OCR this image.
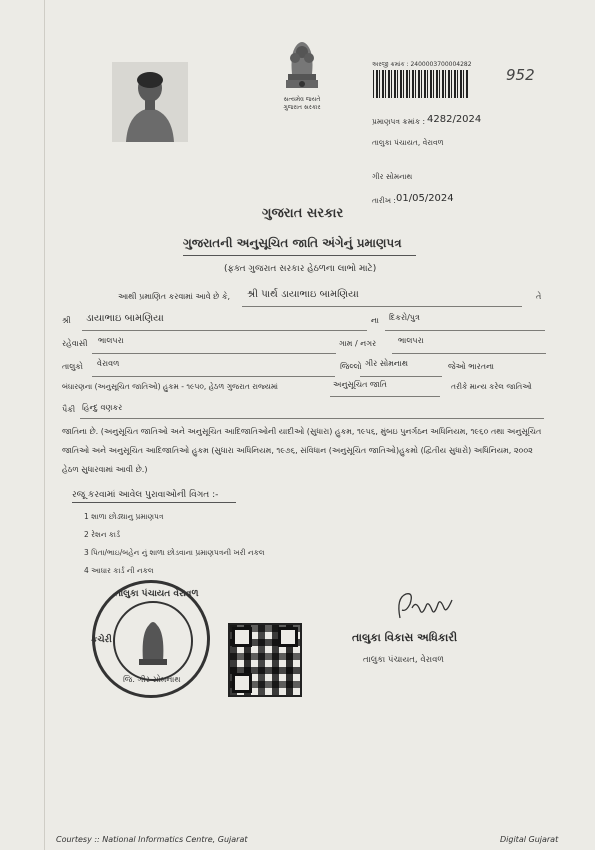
સત્યમેવ જયતે
ગુજરાત સરકાર
અરજી ક્રમાંક : 2400003700004282
952
પ્રમાણપત્ર ક્રમાંક : 4282/2024
તાલુકા પંચાયત, વેરાવળ
ગીર સોમનાથ
તારીખ : 01/05/2024
ગુજરાત સરકાર
ગુજરાતની અનુસૂચિત જાતિ અંગેનું પ્રમાણપત્ર
(ફક્ત ગુજરાત સરકાર હેઠળના લાભો માટે)
આથી પ્રમાણિત કરવામાં આવે છે કે, શ્રી પાર્થ ડાયાભાઇ બામણિયા	તે
શ્રી ડાયાભાઇ બામણિયા	ના દિકરો/પુત્ર
રહેવાસી ભાલપરા	ગામ / નગર	ભાલપરા
તાલુકો વેરાવળ	જિલ્લો ગીર સોમનાથ	જેઓ ભારતના
બંધારણના (અનુસૂચિત જાતિઓ) હુકમ - ૧૯૫૦, હેઠળ ગુજરાત રાજ્યમાં	અનુસૂચિત જાતિ	તરીકે માન્ય કરેલ જાતિઓ
પૈકી હિન્દુ વણકર
જાતિના છે. (અનુસૂચિત જાતિઓ અને અનુસૂચિત આદિજાતિઓની યાદીઓ (સુધારા) હુકમ, ૧૯૫૬, મુંબઇ પુનર્ગઠન અધિનિયમ, ૧૯૬૦ તથા અનુસૂચિત જાતિઓ અને અનુસૂચિત આદિજાતિઓ હુકમ (સુધારા અધિનિયમ, ૧૯૭૬, સંવિધાન (અનુસૂચિત જાતિઓ)હુકમો (દ્વિતીય સુધારો) અધિનિયમ, ૨૦૦૨ હેઠળ સુધારવામાં આવી છે.)
રજૂ કરવામાં આવેલ પુરાવાઓની વિગત :-
1 શાળા છોડ્યાનુ પ્રમાણપત્ર
2 રેશન કાર્ડ
3 પિતા/ભાઇ/બહેન નું શાળા છોડવાના પ્રમાણપત્રની ખરી નકલ
4 આધાર કાર્ડ ની નકલ
તાલુકા પંચાયત વેરાવળ
કચેરી
જિ. ગીર સોમનાથ
તાલુકા વિકાસ અધિકારી
તાલુકા પંચાયત, વેરાવળ
Courtesy :: National Informatics Centre, Gujarat	Digital Gujarat
